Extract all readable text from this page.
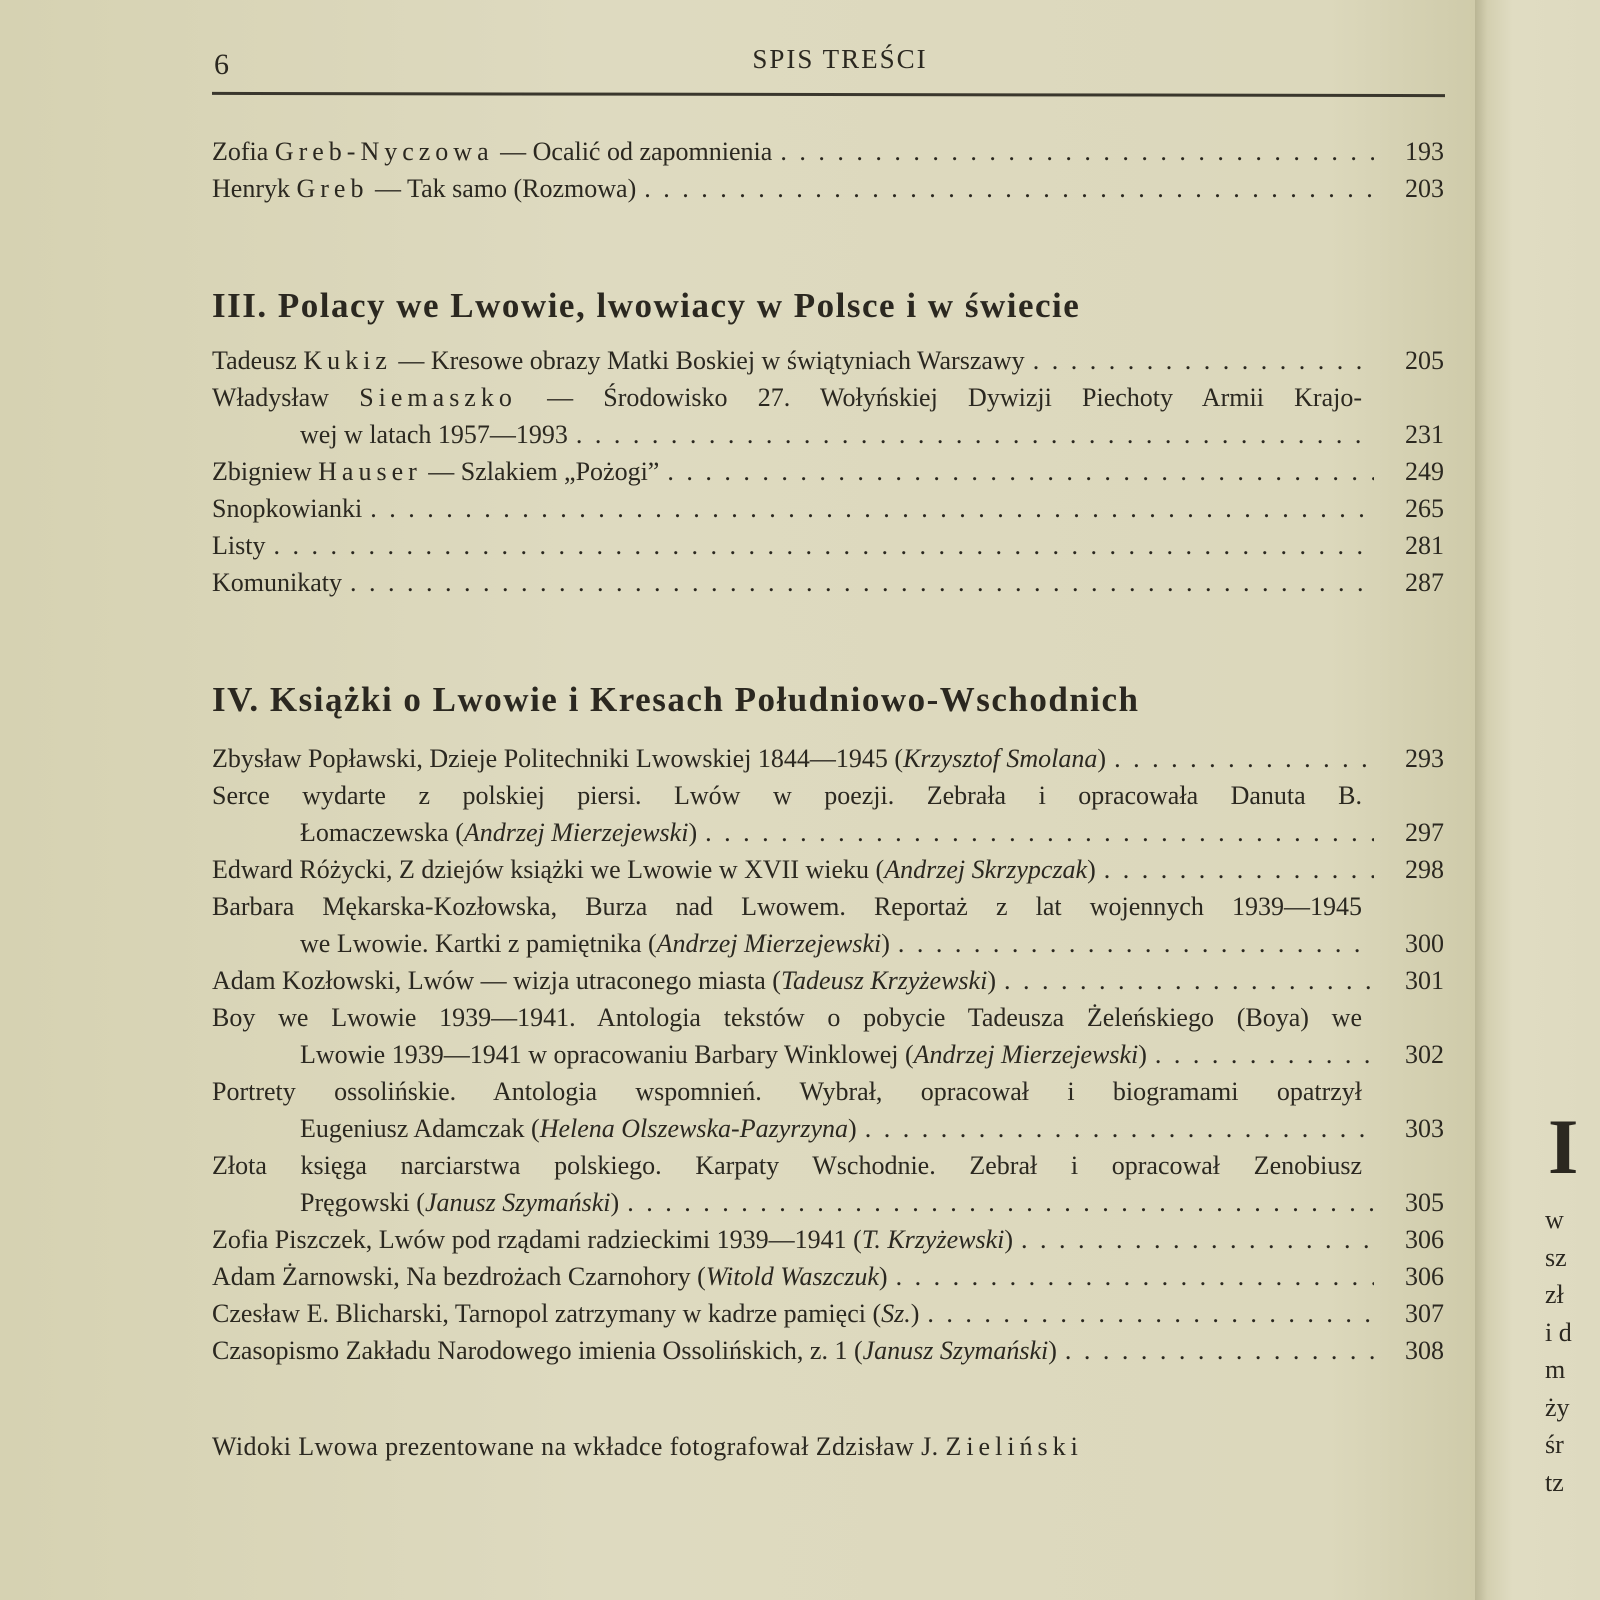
6	SPIS TREŚCI
Zofia Greb-Nyczowa — Ocalić od zapomnienia . . .	193
Henryk Greb — Tak samo (Rozmowa) . . .	203
III. Polacy we Lwowie, lwowiacy w Polsce i w świecie
Tadeusz Kukiz — Kresowe obrazy Matki Boskiej w świątyniach Warszawy . . .	205
Władysław Siemaszko — Środowisko 27. Wołyńskiej Dywizji Piechoty Armii Krajo-
wej w latach 1957—1993 . . .	231
Zbigniew Hauser — Szlakiem „Pożogi” . . .	249
Snopkowianki . . .	265
Listy . . .	281
Komunikaty . . .	287
IV. Książki o Lwowie i Kresach Południowo-Wschodnich
Zbysław Popławski, Dzieje Politechniki Lwowskiej 1844—1945 (Krzysztof Smolana) . . .	293
Serce wydarte z polskiej piersi. Lwów w poezji. Zebrała i opracowała Danuta B.
Łomaczewska (Andrzej Mierzejewski) . . .	297
Edward Różycki, Z dziejów książki we Lwowie w XVII wieku (Andrzej Skrzypczak) . . .	298
Barbara Mękarska-Kozłowska, Burza nad Lwowem. Reportaż z lat wojennych 1939—1945
we Lwowie. Kartki z pamiętnika (Andrzej Mierzejewski) . . .	300
Adam Kozłowski, Lwów — wizja utraconego miasta (Tadeusz Krzyżewski) . . .	301
Boy we Lwowie 1939—1941. Antologia tekstów o pobycie Tadeusza Żeleńskiego (Boya) we
Lwowie 1939—1941 w opracowaniu Barbary Winklowej (Andrzej Mierzejewski) . . .	302
Portrety ossolińskie. Antologia wspomnień. Wybrał, opracował i biogramami opatrzył
Eugeniusz Adamczak (Helena Olszewska-Pazyrzyna) . . .	303
Złota księga narciarstwa polskiego. Karpaty Wschodnie. Zebrał i opracował Zenobiusz
Pręgowski (Janusz Szymański) . . .	305
Zofia Piszczek, Lwów pod rządami radzieckimi 1939—1941 (T. Krzyżewski) . . .	306
Adam Żarnowski, Na bezdrożach Czarnohory (Witold Waszczuk) . . .	306
Czesław E. Blicharski, Tarnopol zatrzymany w kadrze pamięci (Sz.) . . .	307
Czasopismo Zakładu Narodowego imienia Ossolińskich, z. 1 (Janusz Szymański) . . .	308
Widoki Lwowa prezentowane na wkładce fotografował Zdzisław J. Zieliński
I
w
sz
zł
i d
m
ży
śr
tz
